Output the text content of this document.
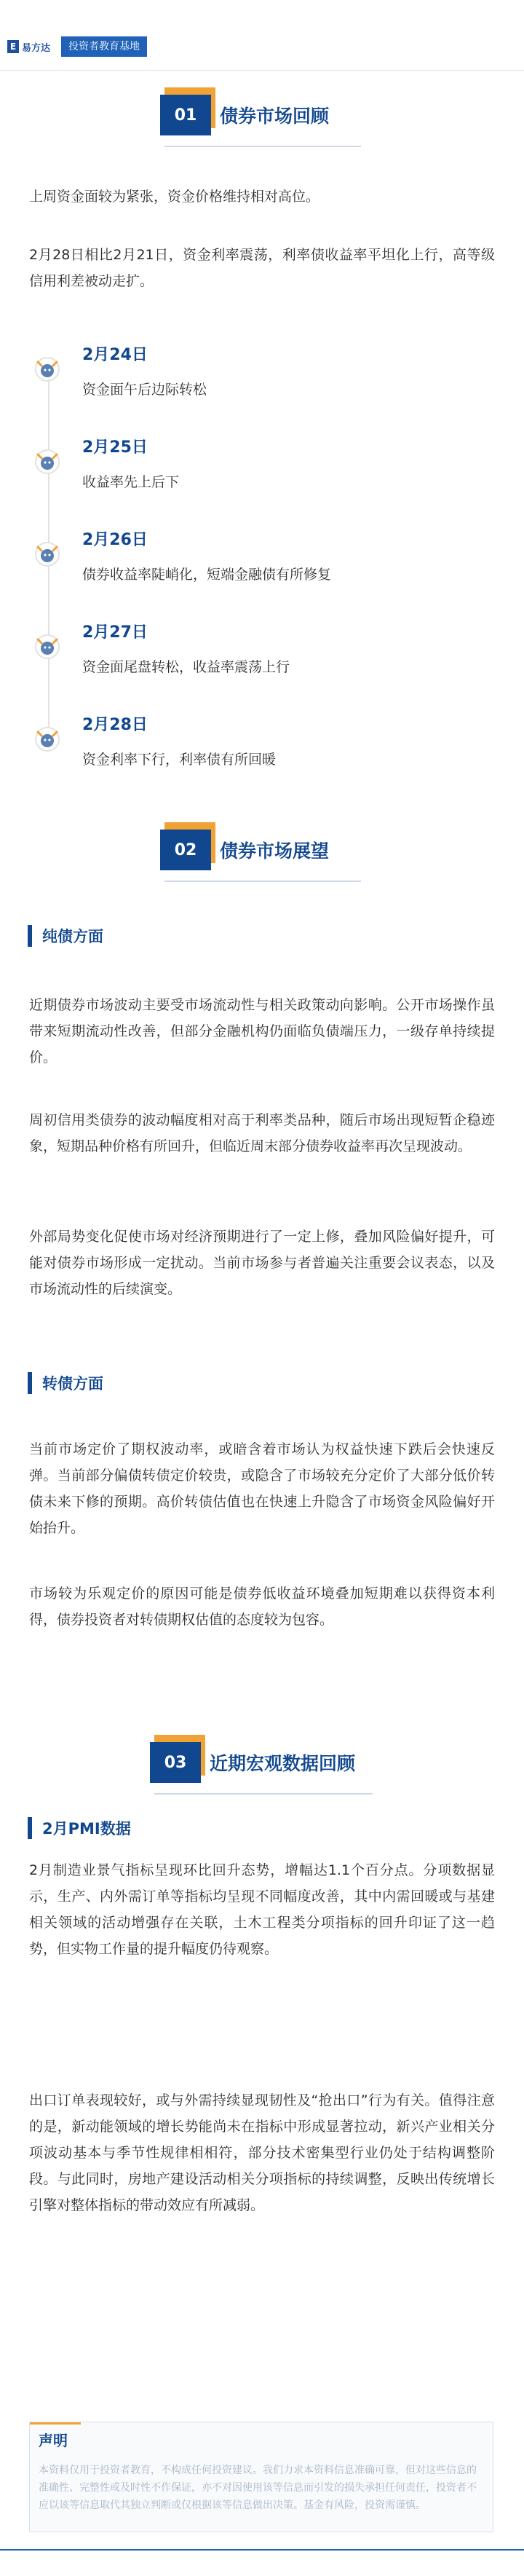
E 易方达	投资者教育基地
01	债券市场回顾
上周资金面较为紧张，资金价格维持相对高位。
2月28日相比2月21日，资金利率震荡，利率债收益率平坦化上行，高等级信用利差被动走扩。
2月24日
资金面午后边际转松
2月25日
收益率先上后下
2月26日
债券收益率陡峭化，短端金融债有所修复
2月27日
资金面尾盘转松，收益率震荡上行
2月28日
资金利率下行，利率债有所回暖
02	债券市场展望
纯债方面
近期债券市场波动主要受市场流动性与相关政策动向影响。公开市场操作虽带来短期流动性改善，但部分金融机构仍面临负债端压力，一级存单持续提价。
周初信用类债券的波动幅度相对高于利率类品种，随后市场出现短暂企稳迹象，短期品种价格有所回升，但临近周末部分债券收益率再次呈现波动。
外部局势变化促使市场对经济预期进行了一定上修，叠加风险偏好提升，可能对债券市场形成一定扰动。当前市场参与者普遍关注重要会议表态，以及市场流动性的后续演变。
转债方面
当前市场定价了期权波动率，或暗含着市场认为权益快速下跌后会快速反弹。当前部分偏债转债定价较贵，或隐含了市场较充分定价了大部分低价转债未来下修的预期。高价转债估值也在快速上升隐含了市场资金风险偏好开始抬升。
市场较为乐观定价的原因可能是债券低收益环境叠加短期难以获得资本利得，债券投资者对转债期权估值的态度较为包容。
03	近期宏观数据回顾
2月PMI数据
2月制造业景气指标呈现环比回升态势，增幅达1.1个百分点。分项数据显示，生产、内外需订单等指标均呈现不同幅度改善，其中内需回暖或与基建相关领域的活动增强存在关联，土木工程类分项指标的回升印证了这一趋势，但实物工作量的提升幅度仍待观察。
出口订单表现较好，或与外需持续显现韧性及“抢出口”行为有关。值得注意的是，新动能领域的增长势能尚未在指标中形成显著拉动，新兴产业相关分项波动基本与季节性规律相相符，部分技术密集型行业仍处于结构调整阶段。与此同时，房地产建设活动相关分项指标的持续调整，反映出传统增长引擎对整体指标的带动效应有所减弱。
声明
本资料仅用于投资者教育，不构成任何投资建议。我们力求本资料信息准确可靠，但对这些信息的准确性、完整性或及时性不作保证，亦不对因使用该等信息而引发的损失承担任何责任，投资者不应以该等信息取代其独立判断或仅根据该等信息做出决策。基金有风险，投资需谨慎。
